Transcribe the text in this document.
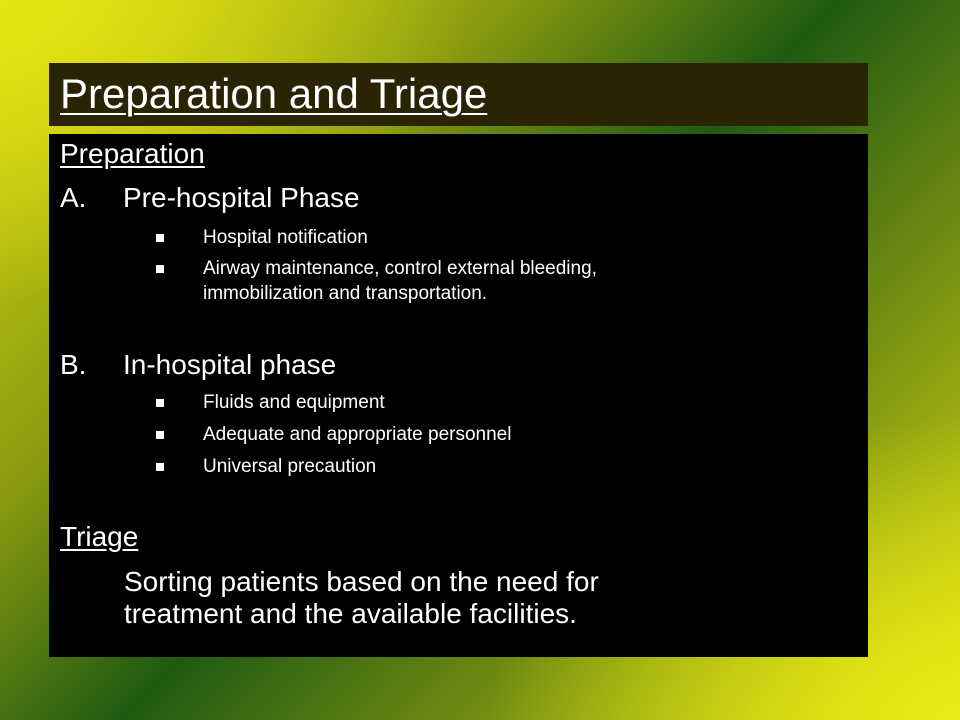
Preparation and Triage
Preparation
A. Pre-hospital Phase
Hospital notification
Airway maintenance, control external bleeding,
immobilization and transportation.
B. In-hospital phase
Fluids and equipment
Adequate and appropriate personnel
Universal precaution
Triage
Sorting patients based on the need for
treatment and the available facilities.
